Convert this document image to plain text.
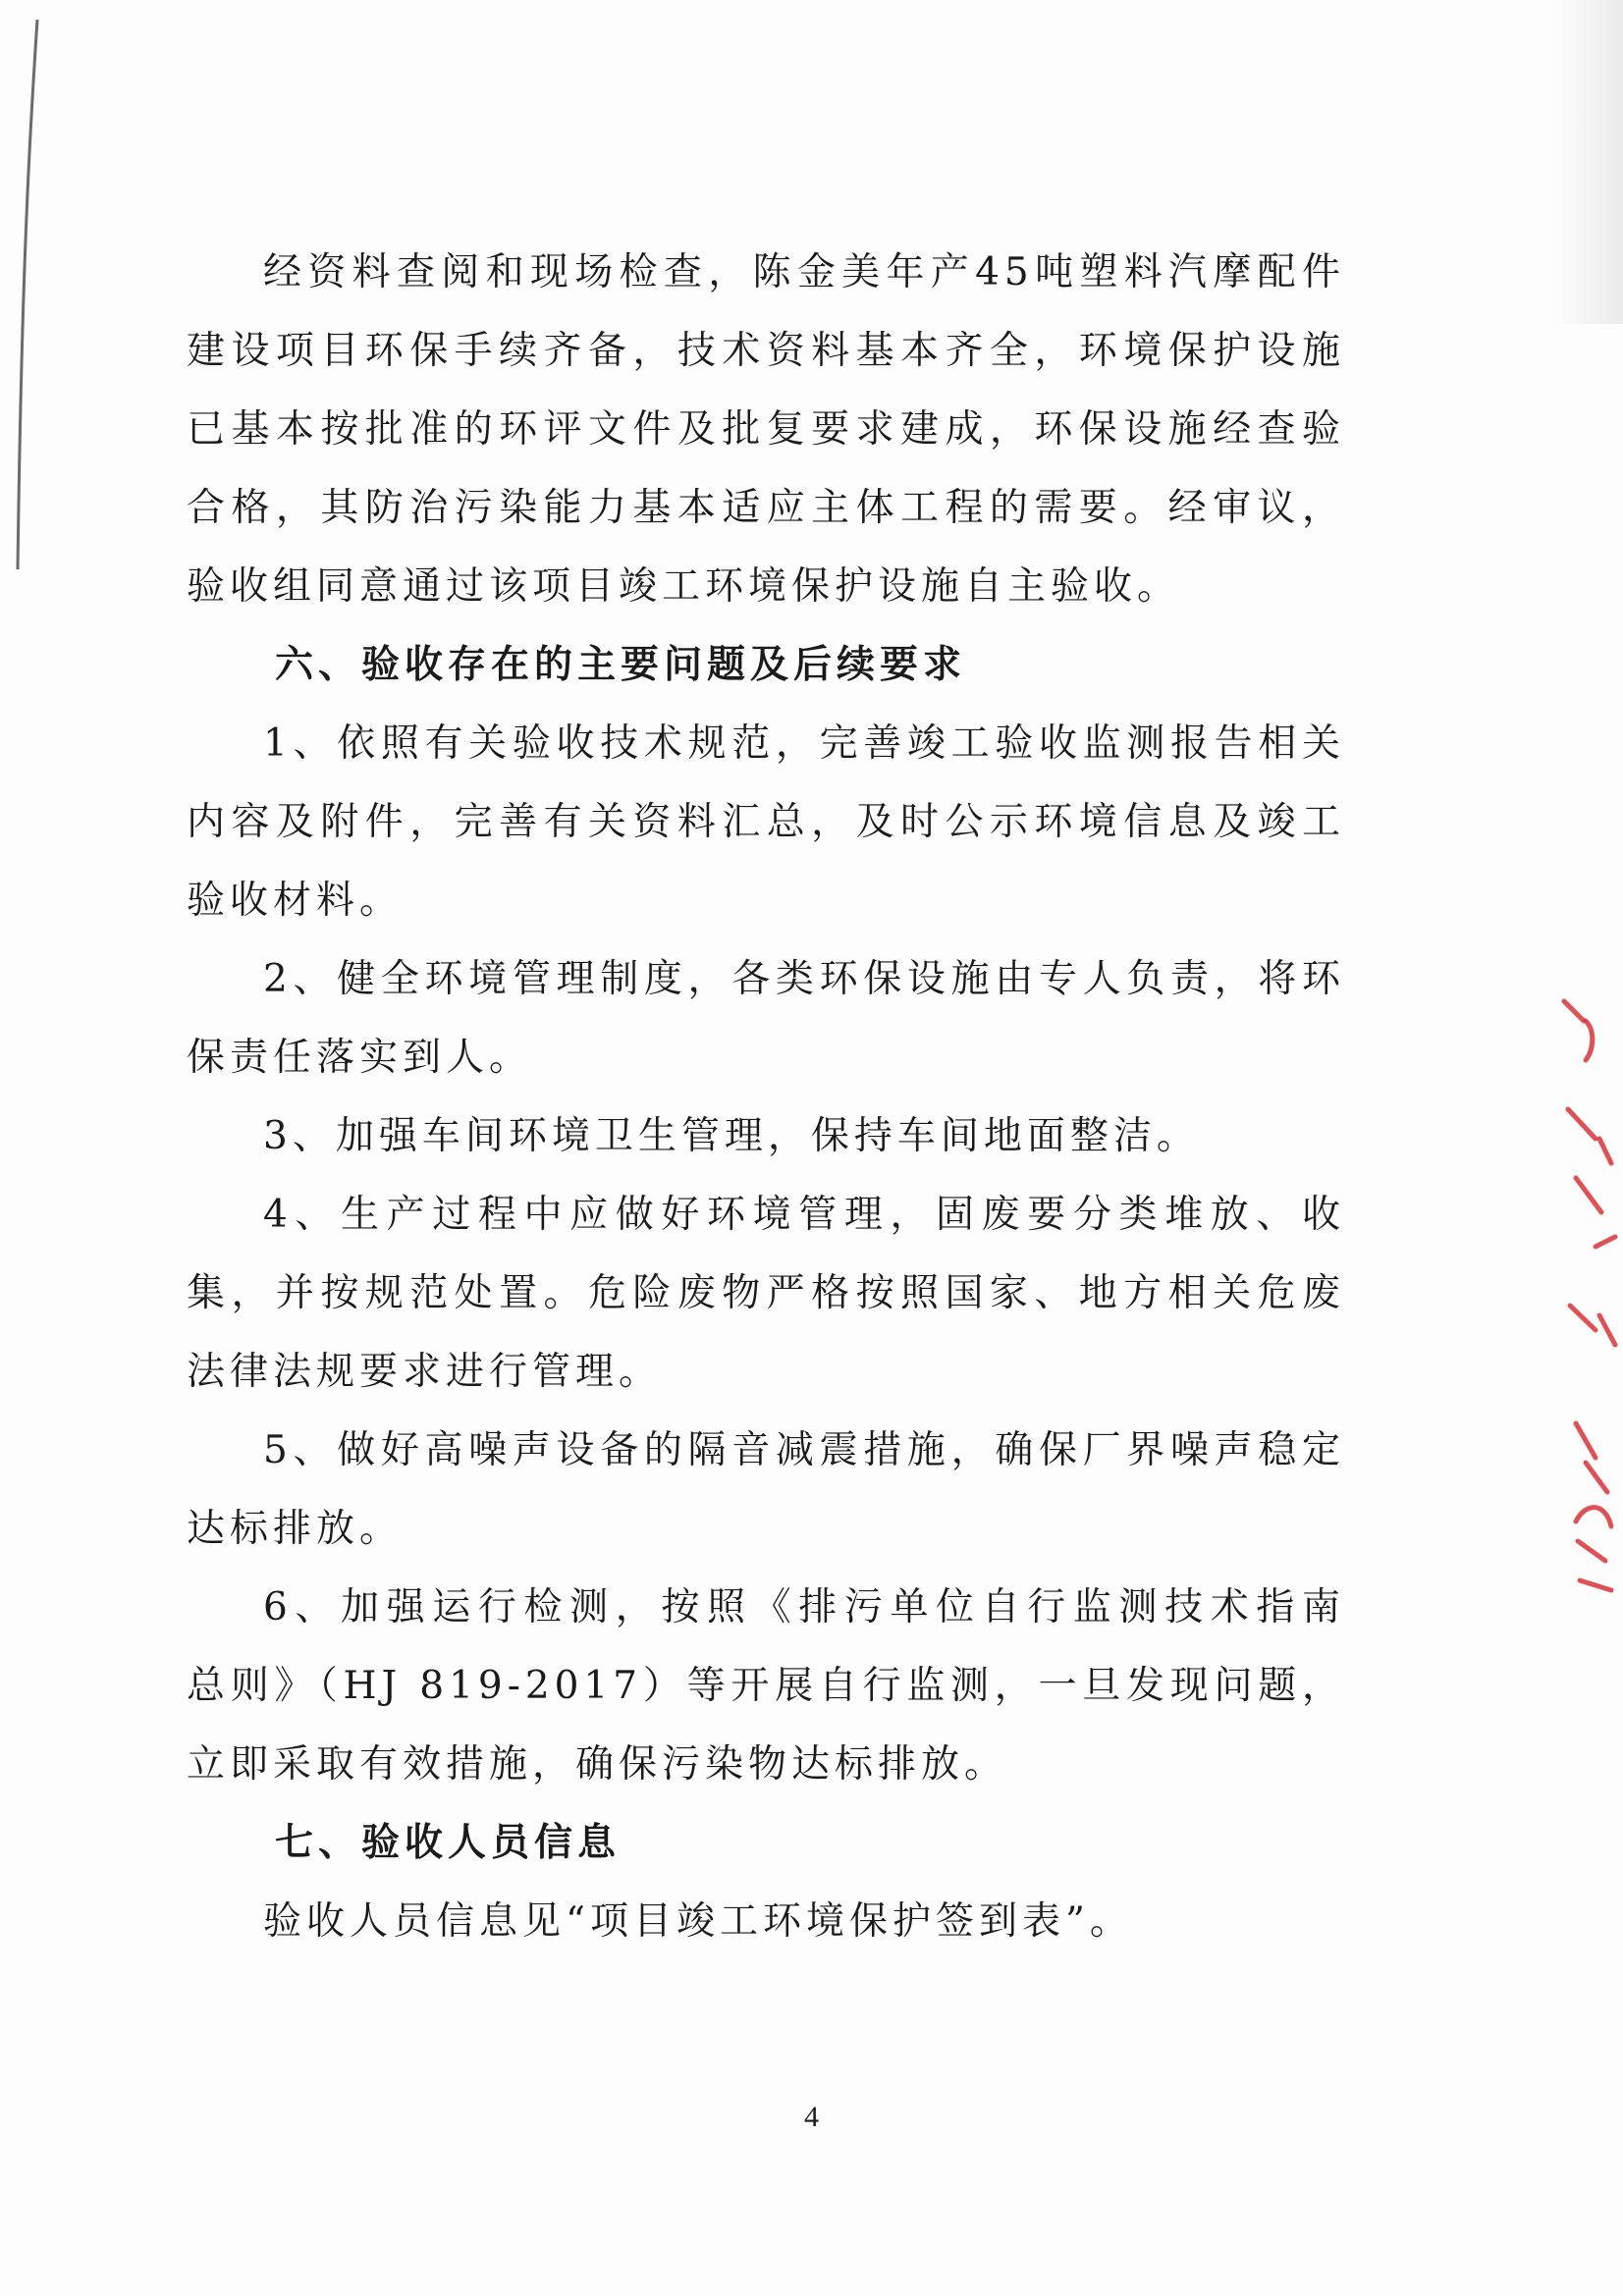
经资料查阅和现场检查，陈金美年产45吨塑料汽摩配件建设项目环保手续齐备，技术资料基本齐全，环境保护设施已基本按批准的环评文件及批复要求建成，环保设施经查验合格，其防治污染能力基本适应主体工程的需要。经审议，验收组同意通过该项目竣工环境保护设施自主验收。

六、验收存在的主要问题及后续要求

1、依照有关验收技术规范，完善竣工验收监测报告相关内容及附件，完善有关资料汇总，及时公示环境信息及竣工验收材料。

2、健全环境管理制度，各类环保设施由专人负责，将环保责任落实到人。

3、加强车间环境卫生管理，保持车间地面整洁。

4、生产过程中应做好环境管理，固废要分类堆放、收集，并按规范处置。危险废物严格按照国家、地方相关危废法律法规要求进行管理。

5、做好高噪声设备的隔音减震措施，确保厂界噪声稳定达标排放。

6、加强运行检测，按照《排污单位自行监测技术指南 总则》（HJ 819-2017）等开展自行监测，一旦发现问题，立即采取有效措施，确保污染物达标排放。

七、验收人员信息

验收人员信息见“项目竣工环境保护签到表”。

4
